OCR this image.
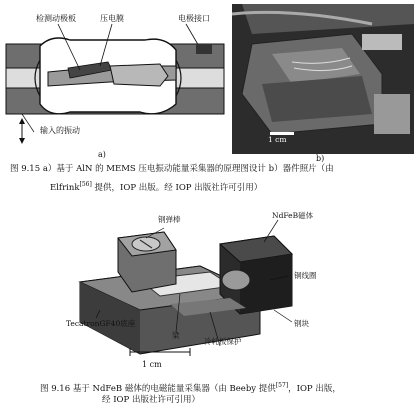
检测动极板	压电膜	电极接口
输入的振动
a)
1 cm
b)
图 9.15 a）基于 AlN 的 MEMS 压电振动能量采集器的原理图设计 b）器件照片（由
Elfrink[56] 提供，IOP 出版。经 IOP 出版社许可引用）
钢弹棒	NdFeB磁体
铜线圈
TecatronGF40底座
梁
冷轧板保护
钢块
1 cm
图 9.16 基于 NdFeB 磁体的电磁能量采集器（由 Beeby 提供[57]，IOP 出版，
经 IOP 出版社许可引用）
